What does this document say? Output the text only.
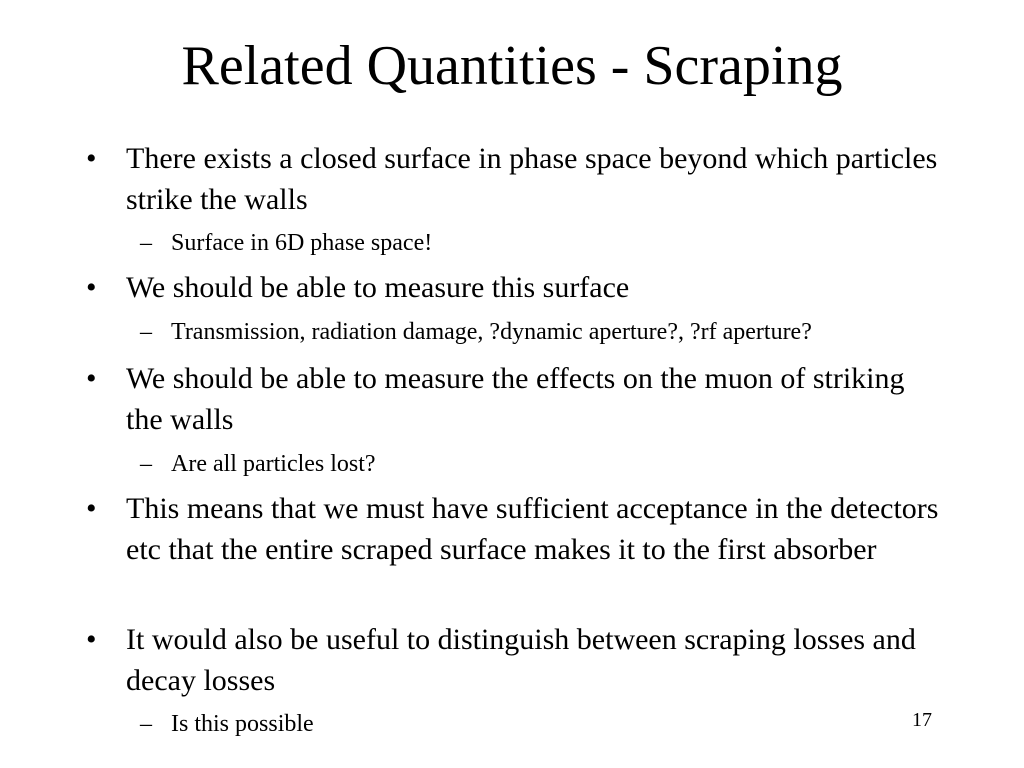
Related Quantities - Scraping
• There exists a closed surface in phase space beyond which particles strike the walls
– Surface in 6D phase space!
• We should be able to measure this surface
– Transmission, radiation damage, ?dynamic aperture?, ?rf aperture?
• We should be able to measure the effects on the muon of striking the walls
– Are all particles lost?
• This means that we must have sufficient acceptance in the detectors etc that the entire scraped surface makes it to the first absorber
• It would also be useful to distinguish between scraping losses and decay losses
– Is this possible	17
